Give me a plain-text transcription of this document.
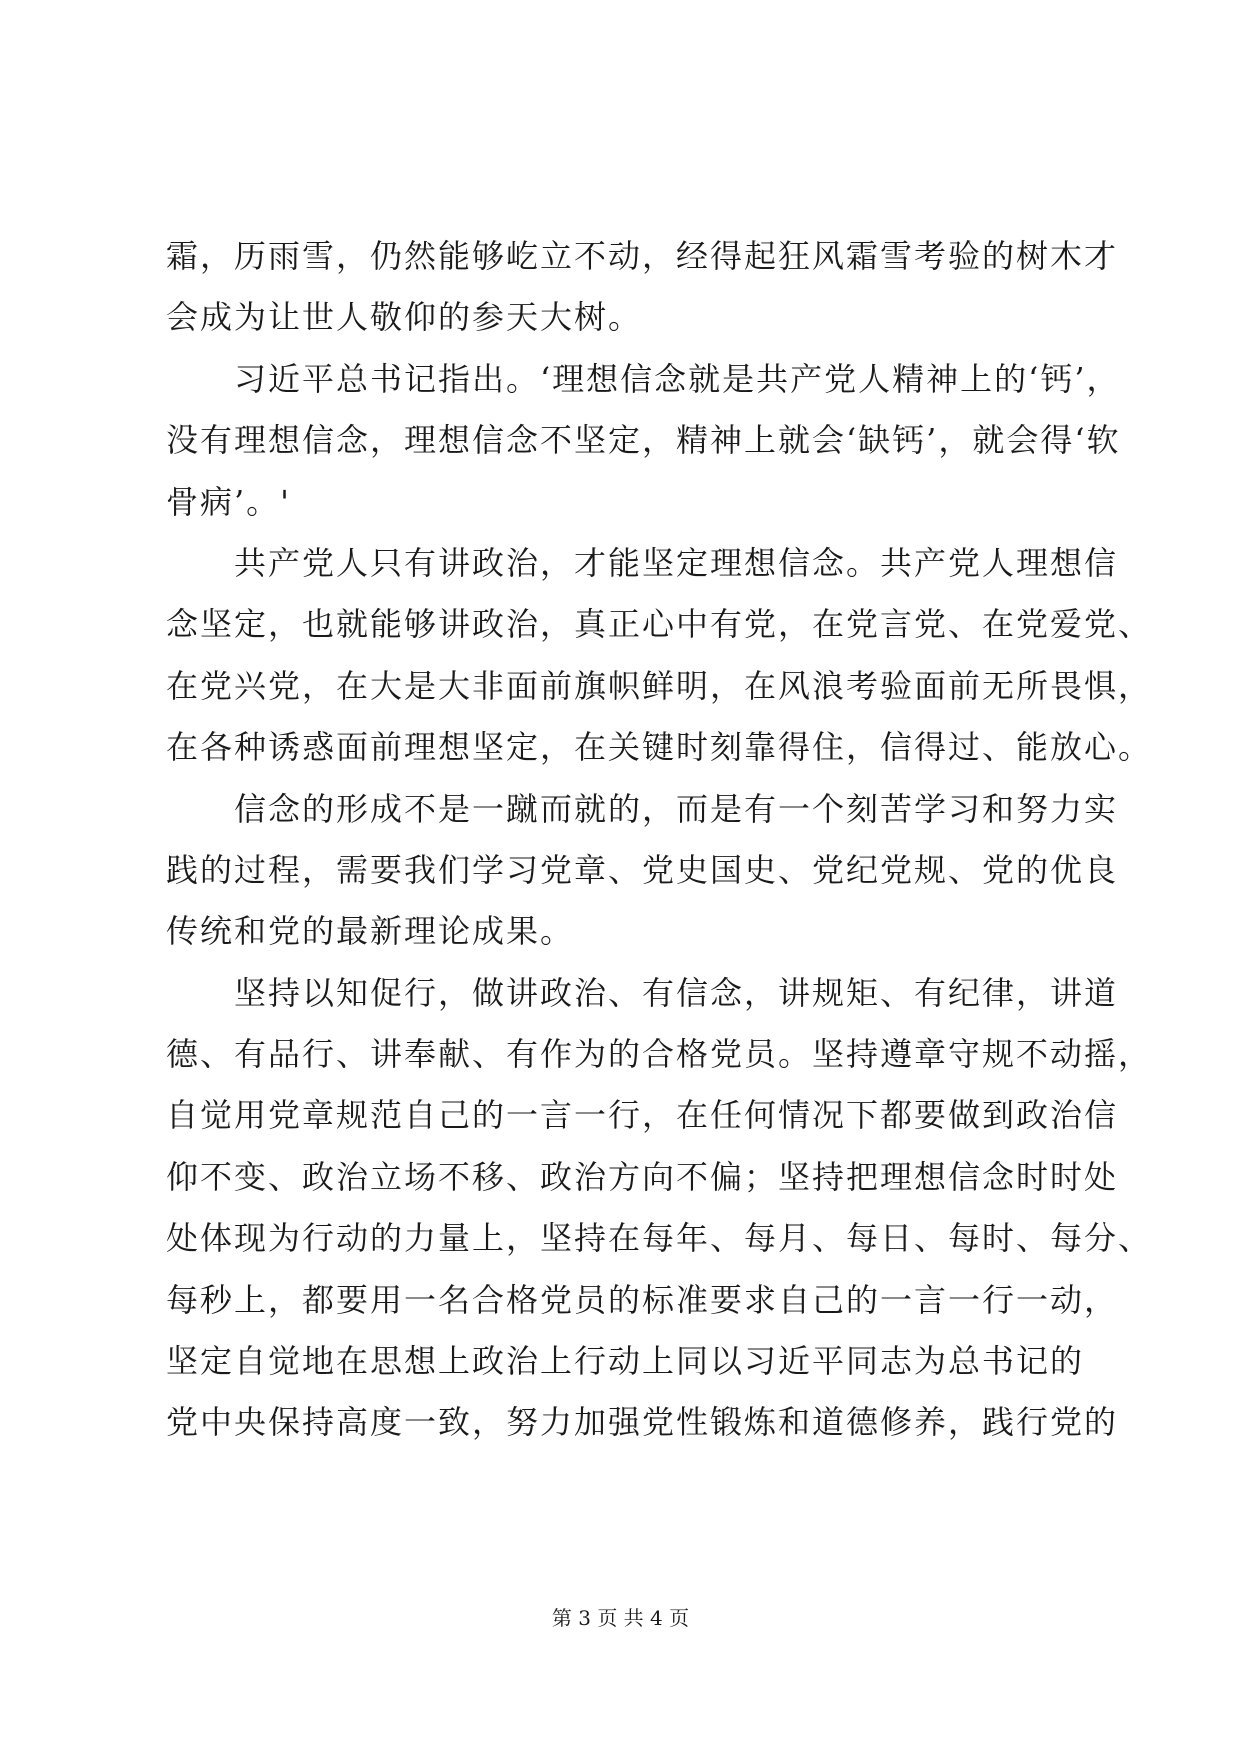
霜，历雨雪，仍然能够屹立不动，经得起狂风霜雪考验的树木才
会成为让世人敬仰的参天大树。
　　习近平总书记指出。‘理想信念就是共产党人精神上的‘钙’，
没有理想信念，理想信念不坚定，精神上就会‘缺钙’，就会得‘软
骨病’。'
　　共产党人只有讲政治，才能坚定理想信念。共产党人理想信
念坚定，也就能够讲政治，真正心中有党，在党言党、在党爱党、
在党兴党，在大是大非面前旗帜鲜明，在风浪考验面前无所畏惧，
在各种诱惑面前理想坚定，在关键时刻靠得住，信得过、能放心。
　　信念的形成不是一蹴而就的，而是有一个刻苦学习和努力实
践的过程，需要我们学习党章、党史国史、党纪党规、党的优良
传统和党的最新理论成果。
　　坚持以知促行，做讲政治、有信念，讲规矩、有纪律，讲道
德、有品行、讲奉献、有作为的合格党员。坚持遵章守规不动摇，
自觉用党章规范自己的一言一行，在任何情况下都要做到政治信
仰不变、政治立场不移、政治方向不偏；坚持把理想信念时时处
处体现为行动的力量上，坚持在每年、每月、每日、每时、每分、
每秒上，都要用一名合格党员的标准要求自己的一言一行一动，
坚定自觉地在思想上政治上行动上同以习近平同志为总书记的
党中央保持高度一致，努力加强党性锻炼和道德修养，践行党的
第 3 页 共 4 页
